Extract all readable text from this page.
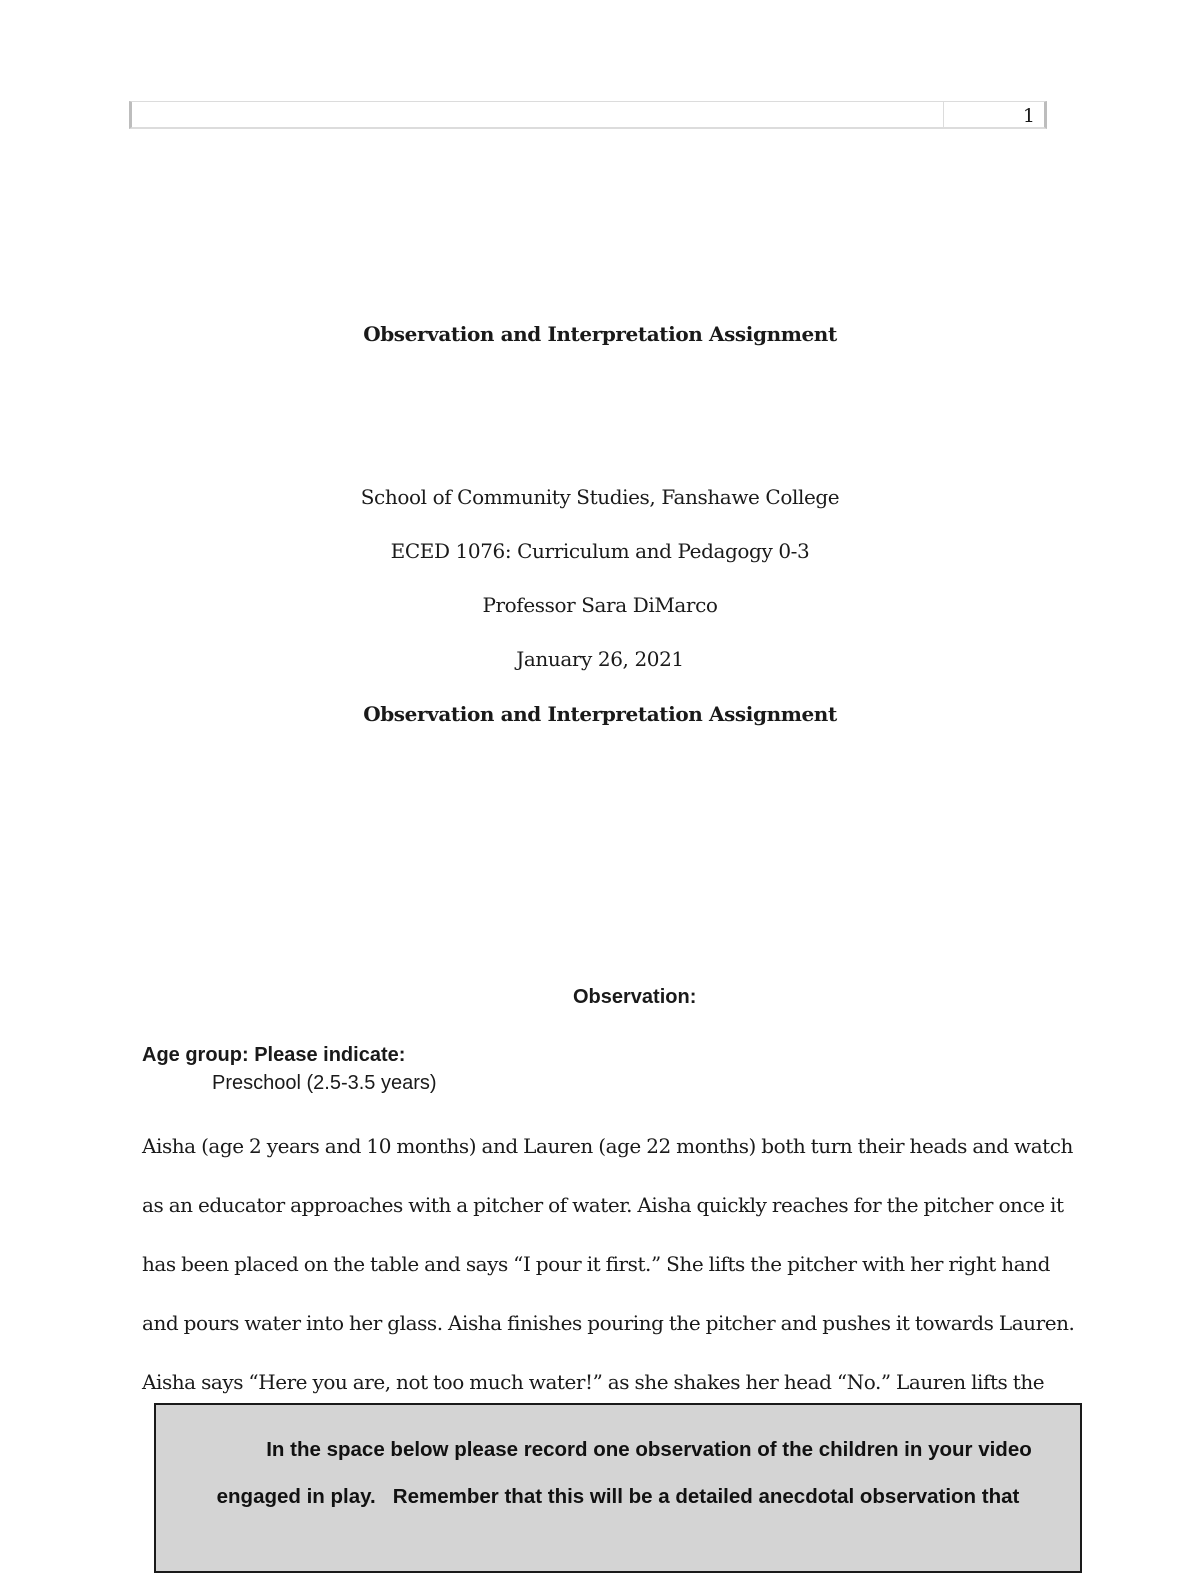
1
Observation and Interpretation Assignment
School of Community Studies, Fanshawe College
ECED 1076: Curriculum and Pedagogy 0-3
Professor Sara DiMarco
January 26, 2021
Observation and Interpretation Assignment
Observation:
Age group: Please indicate:
Preschool (2.5-3.5 years)
Aisha (age 2 years and 10 months) and Lauren (age 22 months) both turn their heads and watch
as an educator approaches with a pitcher of water. Aisha quickly reaches for the pitcher once it
has been placed on the table and says “I pour it first.” She lifts the pitcher with her right hand
and pours water into her glass. Aisha finishes pouring the pitcher and pushes it towards Lauren.
Aisha says “Here you are, not too much water!” as she shakes her head “No.” Lauren lifts the
In the space below please record one observation of the children in your video
engaged in play.   Remember that this will be a detailed anecdotal observation that
